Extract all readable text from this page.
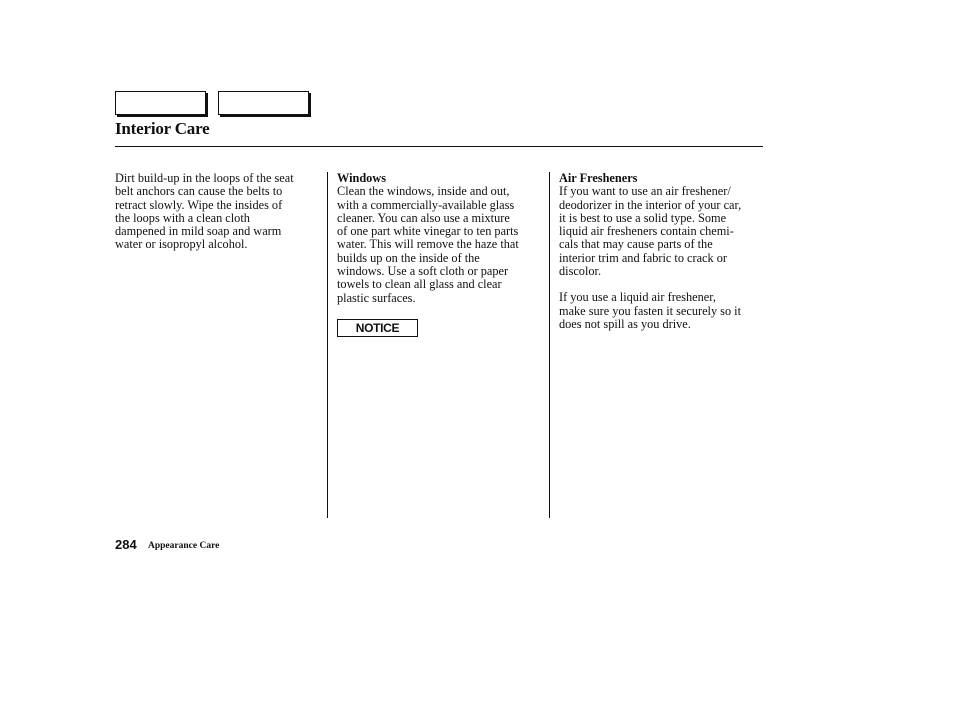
Interior Care
Dirt build-up in the loops of the seat
belt anchors can cause the belts to
retract slowly. Wipe the insides of
the loops with a clean cloth
dampened in mild soap and warm
water or isopropyl alcohol.
Windows
Clean the windows, inside and out,
with a commercially-available glass
cleaner. You can also use a mixture
of one part white vinegar to ten parts
water. This will remove the haze that
builds up on the inside of the
windows. Use a soft cloth or paper
towels to clean all glass and clear
plastic surfaces.
NOTICE
Air Fresheners
If you want to use an air freshener/
deodorizer in the interior of your car,
it is best to use a solid type. Some
liquid air fresheners contain chemi-
cals that may cause parts of the
interior trim and fabric to crack or
discolor.
If you use a liquid air freshener,
make sure you fasten it securely so it
does not spill as you drive.
284 Appearance Care
